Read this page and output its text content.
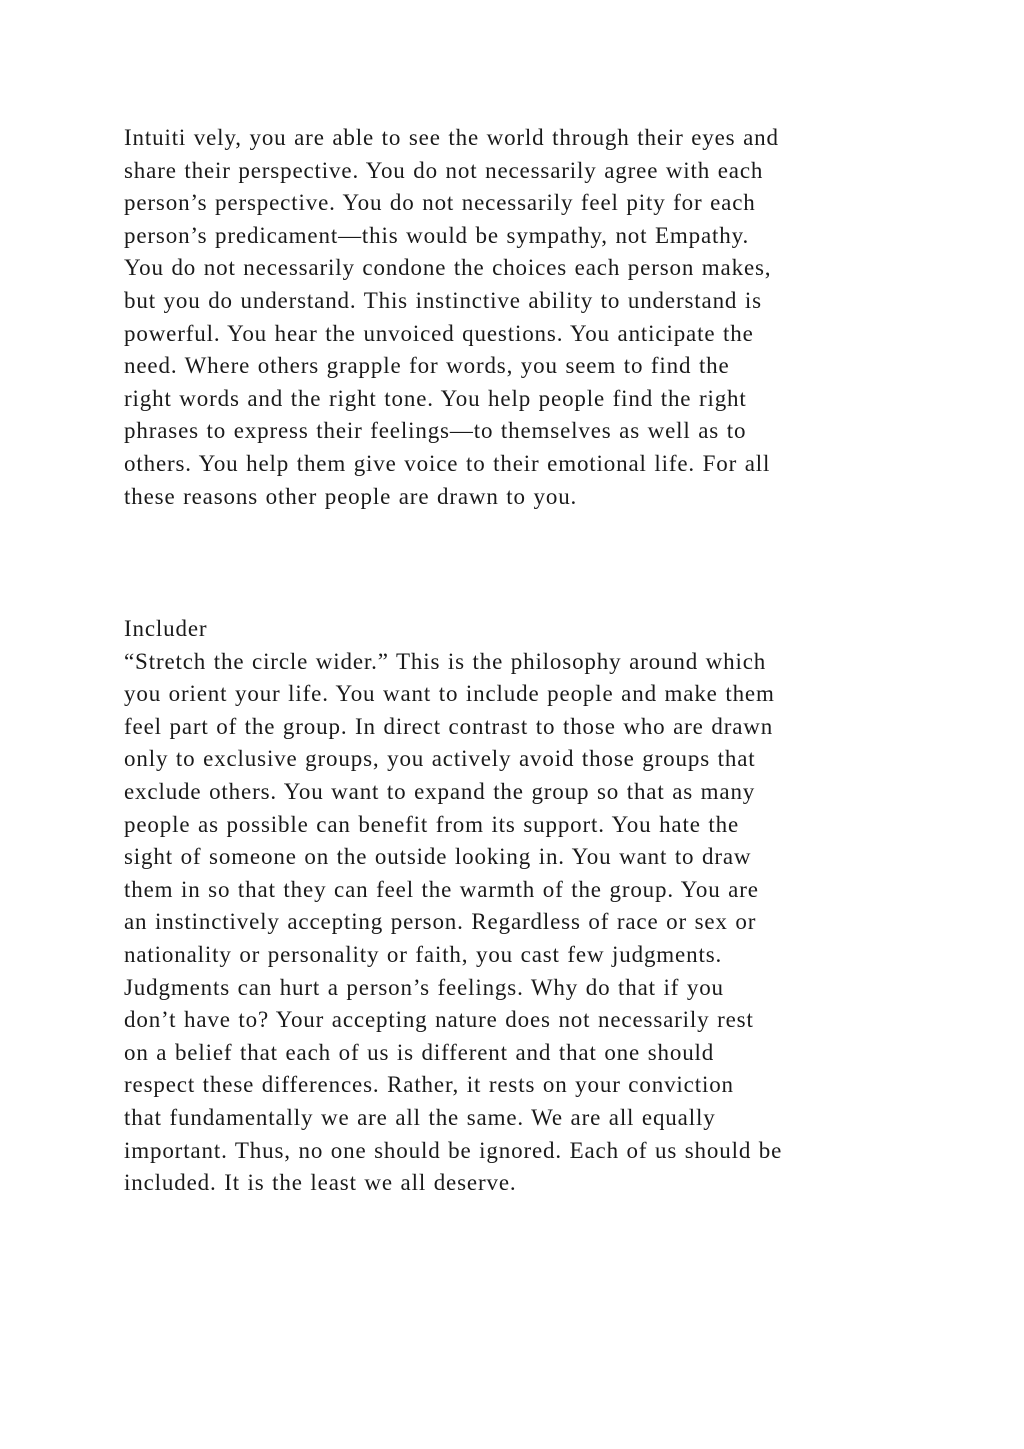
Intuiti vely, you are able to see the world through their eyes and
share their perspective. You do not necessarily agree with each
person’s perspective. You do not necessarily feel pity for each
person’s predicament—this would be sympathy, not Empathy.
You do not necessarily condone the choices each person makes,
but you do understand. This instinctive ability to understand is
powerful. You hear the unvoiced questions. You anticipate the
need. Where others grapple for words, you seem to find the
right words and the right tone. You help people find the right
phrases to express their feelings—to themselves as well as to
others. You help them give voice to their emotional life. For all
these reasons other people are drawn to you.
Includer
“Stretch the circle wider.” This is the philosophy around which
you orient your life. You want to include people and make them
feel part of the group. In direct contrast to those who are drawn
only to exclusive groups, you actively avoid those groups that
exclude others. You want to expand the group so that as many
people as possible can benefit from its support. You hate the
sight of someone on the outside looking in. You want to draw
them in so that they can feel the warmth of the group. You are
an instinctively accepting person. Regardless of race or sex or
nationality or personality or faith, you cast few judgments.
Judgments can hurt a person’s feelings. Why do that if you
don’t have to? Your accepting nature does not necessarily rest
on a belief that each of us is different and that one should
respect these differences. Rather, it rests on your conviction
that fundamentally we are all the same. We are all equally
important. Thus, no one should be ignored. Each of us should be
included. It is the least we all deserve.
